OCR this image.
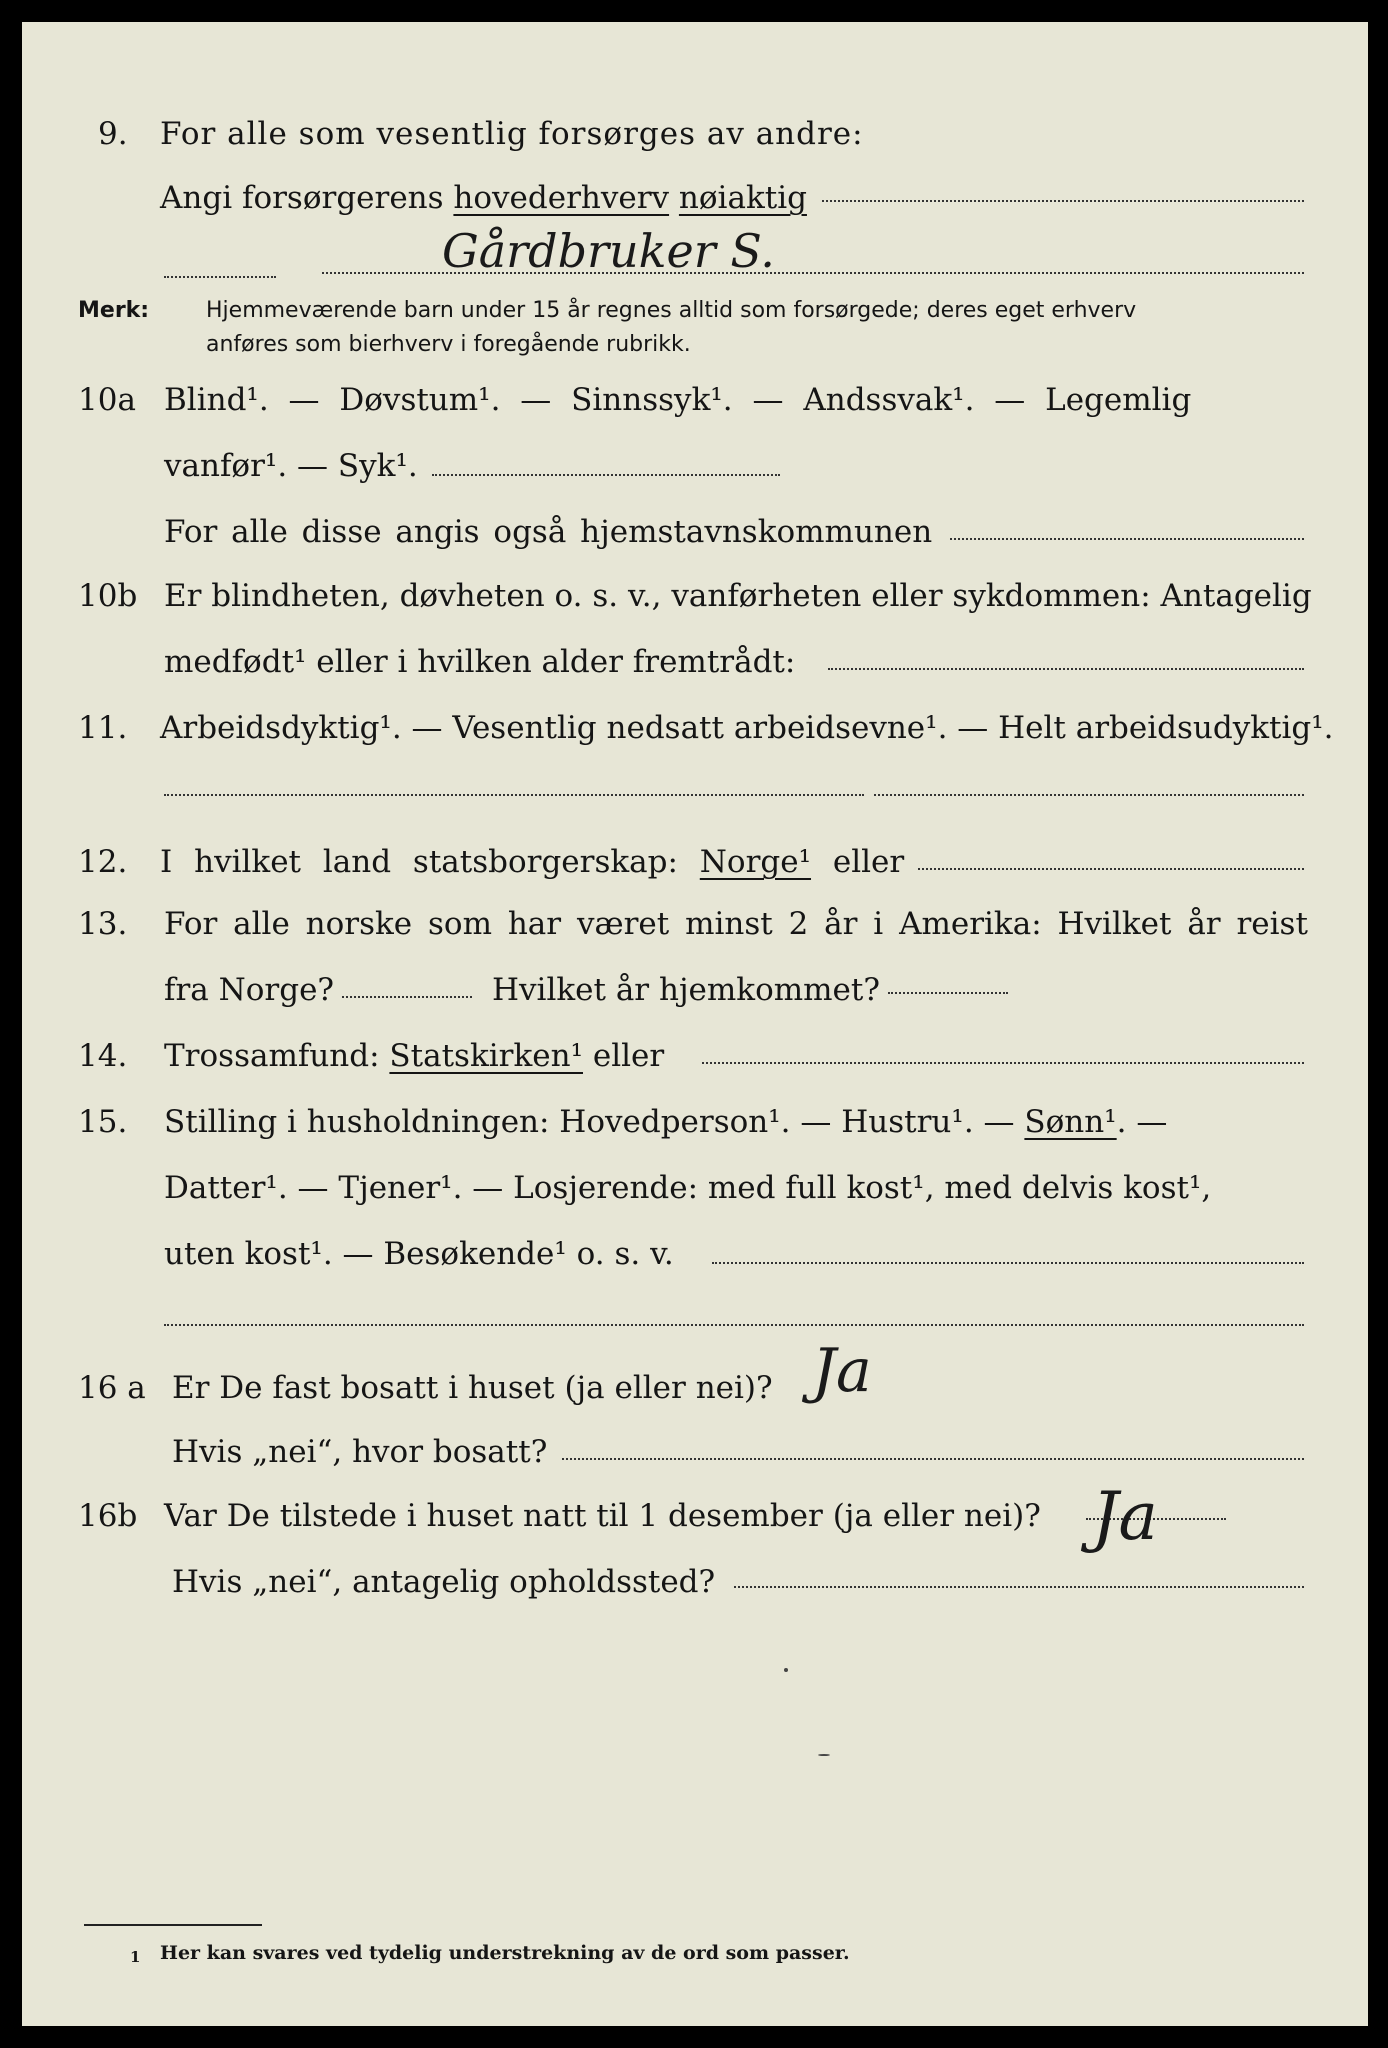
9. For alle som vesentlig forsørges av andre:
Angi forsørgerens hovederhverv nøiaktig
Gårdbruker S.
Merk:	Hjemmeværende barn under 15 år regnes alltid som forsørgede; deres eget erhverv
anføres som bierhverv i foregående rubrikk.
10a Blind¹. — Døvstum¹. — Sinnssyk¹. — Andssvak¹. — Legemlig
vanfør¹. — Syk¹.
For alle disse angis også hjemstavnskommunen
10b Er blindheten, døvheten o. s. v., vanførheten eller sykdommen: Antagelig
medfødt¹ eller i hvilken alder fremtrådt:
11. Arbeidsdyktig¹. — Vesentlig nedsatt arbeidsevne¹. — Helt arbeidsudyktig¹.
12. I hvilket land statsborgerskap: Norge¹ eller
13. For alle norske som har været minst 2 år i Amerika: Hvilket år reist
fra Norge?	Hvilket år hjemkommet?
14. Trossamfund: Statskirken¹ eller
15. Stilling i husholdningen: Hovedperson¹. — Hustru¹. — Sønn¹. —
Datter¹. — Tjener¹. — Losjerende: med full kost¹, med delvis kost¹,
uten kost¹. — Besøkende¹ o. s. v.
16 a Er De fast bosatt i huset (ja eller nei)? Ja
Hvis „nei“, hvor bosatt?
16b Var De tilstede i huset natt til 1 desember (ja eller nei)? Ja
Hvis „nei“, antagelig opholdssted?
1 Her kan svares ved tydelig understrekning av de ord som passer.
